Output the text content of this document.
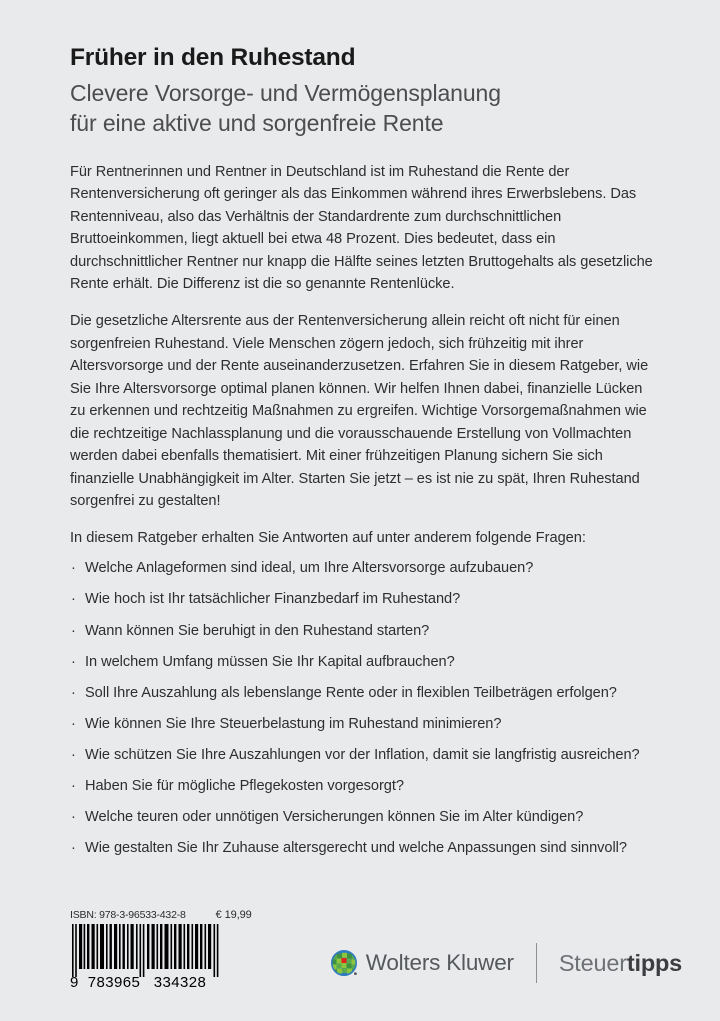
Früher in den Ruhestand
Clevere Vorsorge- und Vermögensplanung
für eine aktive und sorgenfreie Rente

Für Rentnerinnen und Rentner in Deutschland ist im Ruhestand die Rente der Rentenversicherung oft geringer als das Einkommen während ihres Erwerbslebens. Das Rentenniveau, also das Verhältnis der Standardrente zum durchschnittlichen Bruttoeinkommen, liegt aktuell bei etwa 48 Prozent. Dies bedeutet, dass ein durchschnittlicher Rentner nur knapp die Hälfte seines letzten Bruttogehalts als gesetzliche Rente erhält. Die Differenz ist die so genannte Rentenlücke.

Die gesetzliche Altersrente aus der Rentenversicherung allein reicht oft nicht für einen sorgenfreien Ruhestand. Viele Menschen zögern jedoch, sich frühzeitig mit ihrer Altersvorsorge und der Rente auseinanderzusetzen. Erfahren Sie in diesem Ratgeber, wie Sie Ihre Altersvorsorge optimal planen können. Wir helfen Ihnen dabei, finanzielle Lücken zu erkennen und rechtzeitig Maßnahmen zu ergreifen. Wichtige Vorsorgemaßnahmen wie die rechtzeitige Nachlassplanung und die vorausschauende Erstellung von Vollmachten werden dabei ebenfalls thematisiert. Mit einer frühzeitigen Planung sichern Sie sich finanzielle Unabhängigkeit im Alter. Starten Sie jetzt – es ist nie zu spät, Ihren Ruhestand sorgenfrei zu gestalten!

In diesem Ratgeber erhalten Sie Antworten auf unter anderem folgende Fragen:

· Welche Anlageformen sind ideal, um Ihre Altersvorsorge aufzubauen?
· Wie hoch ist Ihr tatsächlicher Finanzbedarf im Ruhestand?
· Wann können Sie beruhigt in den Ruhestand starten?
· In welchem Umfang müssen Sie Ihr Kapital aufbrauchen?
· Soll Ihre Auszahlung als lebenslange Rente oder in flexiblen Teilbeträgen erfolgen?
· Wie können Sie Ihre Steuerbelastung im Ruhestand minimieren?
· Wie schützen Sie Ihre Auszahlungen vor der Inflation, damit sie langfristig ausreichen?
· Haben Sie für mögliche Pflegekosten vorgesorgt?
· Welche teuren oder unnötigen Versicherungen können Sie im Alter kündigen?
· Wie gestalten Sie Ihr Zuhause altersgerecht und welche Anpassungen sind sinnvoll?
ISBN: 978-3-96533-432-8	€ 19,99
9 783965 334328
Wolters Kluwer Steuertipps
